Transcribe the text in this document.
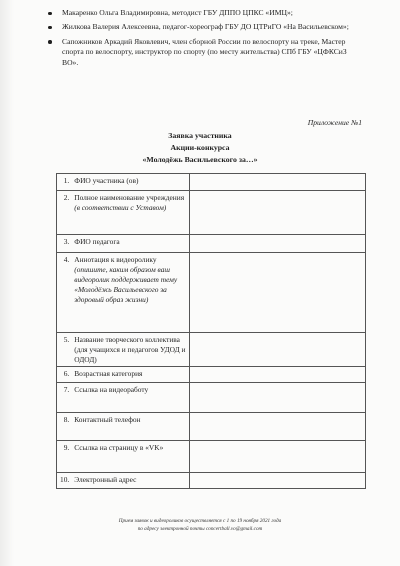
Макаренко Ольга Владимировна, методист ГБУ ДППО ЦПКС «ИМЦ»;
Жилкова Валерия Алексеевна, педагог-хореограф ГБУ ДО ЦТРиГО «На Васильевском»;
Сапожников Аркадий Яковлевич, член сборной России по велоспорту на треке, Мастер спорта по велоспорту, инструктор по спорту (по месту жительства) СПб ГБУ «ЦФКСиЗ ВО».
Приложение №1
Заявка участника
Акции-конкурса
«Молодёжь Васильевского за…»
1.	ФИО участника (ов)	
2.	Полное наименование учреждения
(в соответствии с Уставом)	

3.	ФИО педагога	
4.	Аннотация к видеоролику
(опишите, каким образом ваш видеоролик поддерживает тему «Молодёжь Васильевского за здоровый образ жизни)	

5.	Название творческого коллектива (для учащихся и педагогов УДОД и ОДОД)	
6.	Возрастная категория	
7.	Ссылка на видеоработу	
8.	Контактный телефон	
9.	Ссылка на страницу в «VK»	
10.	Электронный адрес	
Прием заявок и видеороликов осуществляется с 1 по 19 ноября 2021 года
по адресу электронной почты concertball.vo@gmail.com
